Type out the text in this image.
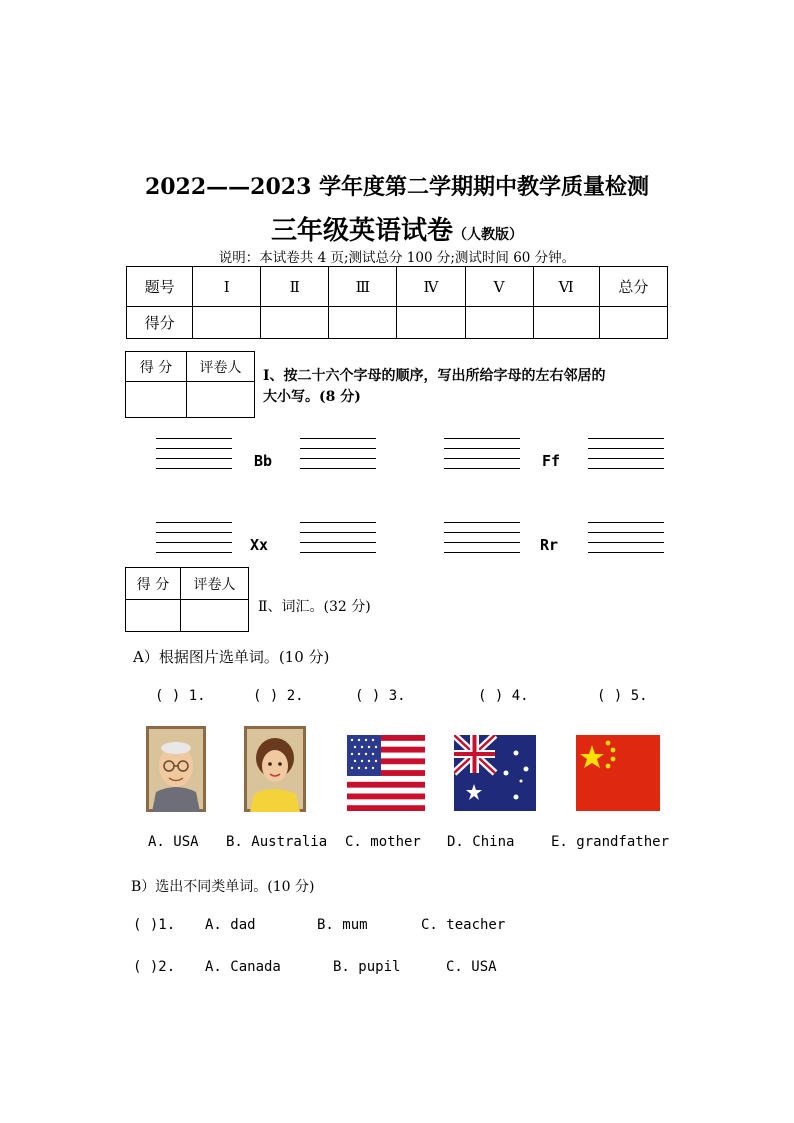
2022——2023 学年度第二学期期中教学质量检测
三年级英语试卷（人教版）
说明：本试卷共 4 页;测试总分 100 分;测试时间 60 分钟。
题号	Ⅰ	Ⅱ	Ⅲ	Ⅳ	Ⅴ	Ⅵ	总分
得分							
得 分	评卷人

Ⅰ、按二十六个字母的顺序，写出所给字母的左右邻居的
大小写。(8 分)
Bb	Ff
Xx	Rr
得 分	评卷人

Ⅱ、词汇。(32 分)
A）根据图片选单词。(10 分)
( ) 1.	( ) 2.	( ) 3.	( ) 4.	( ) 5.
A. USA B. Australia C. mother D. China	E. grandfather
B）选出不同类单词。(10 分)
( )1. A. dad	B. mum	C. teacher
( )2. A. Canada	B. pupil	C. USA
